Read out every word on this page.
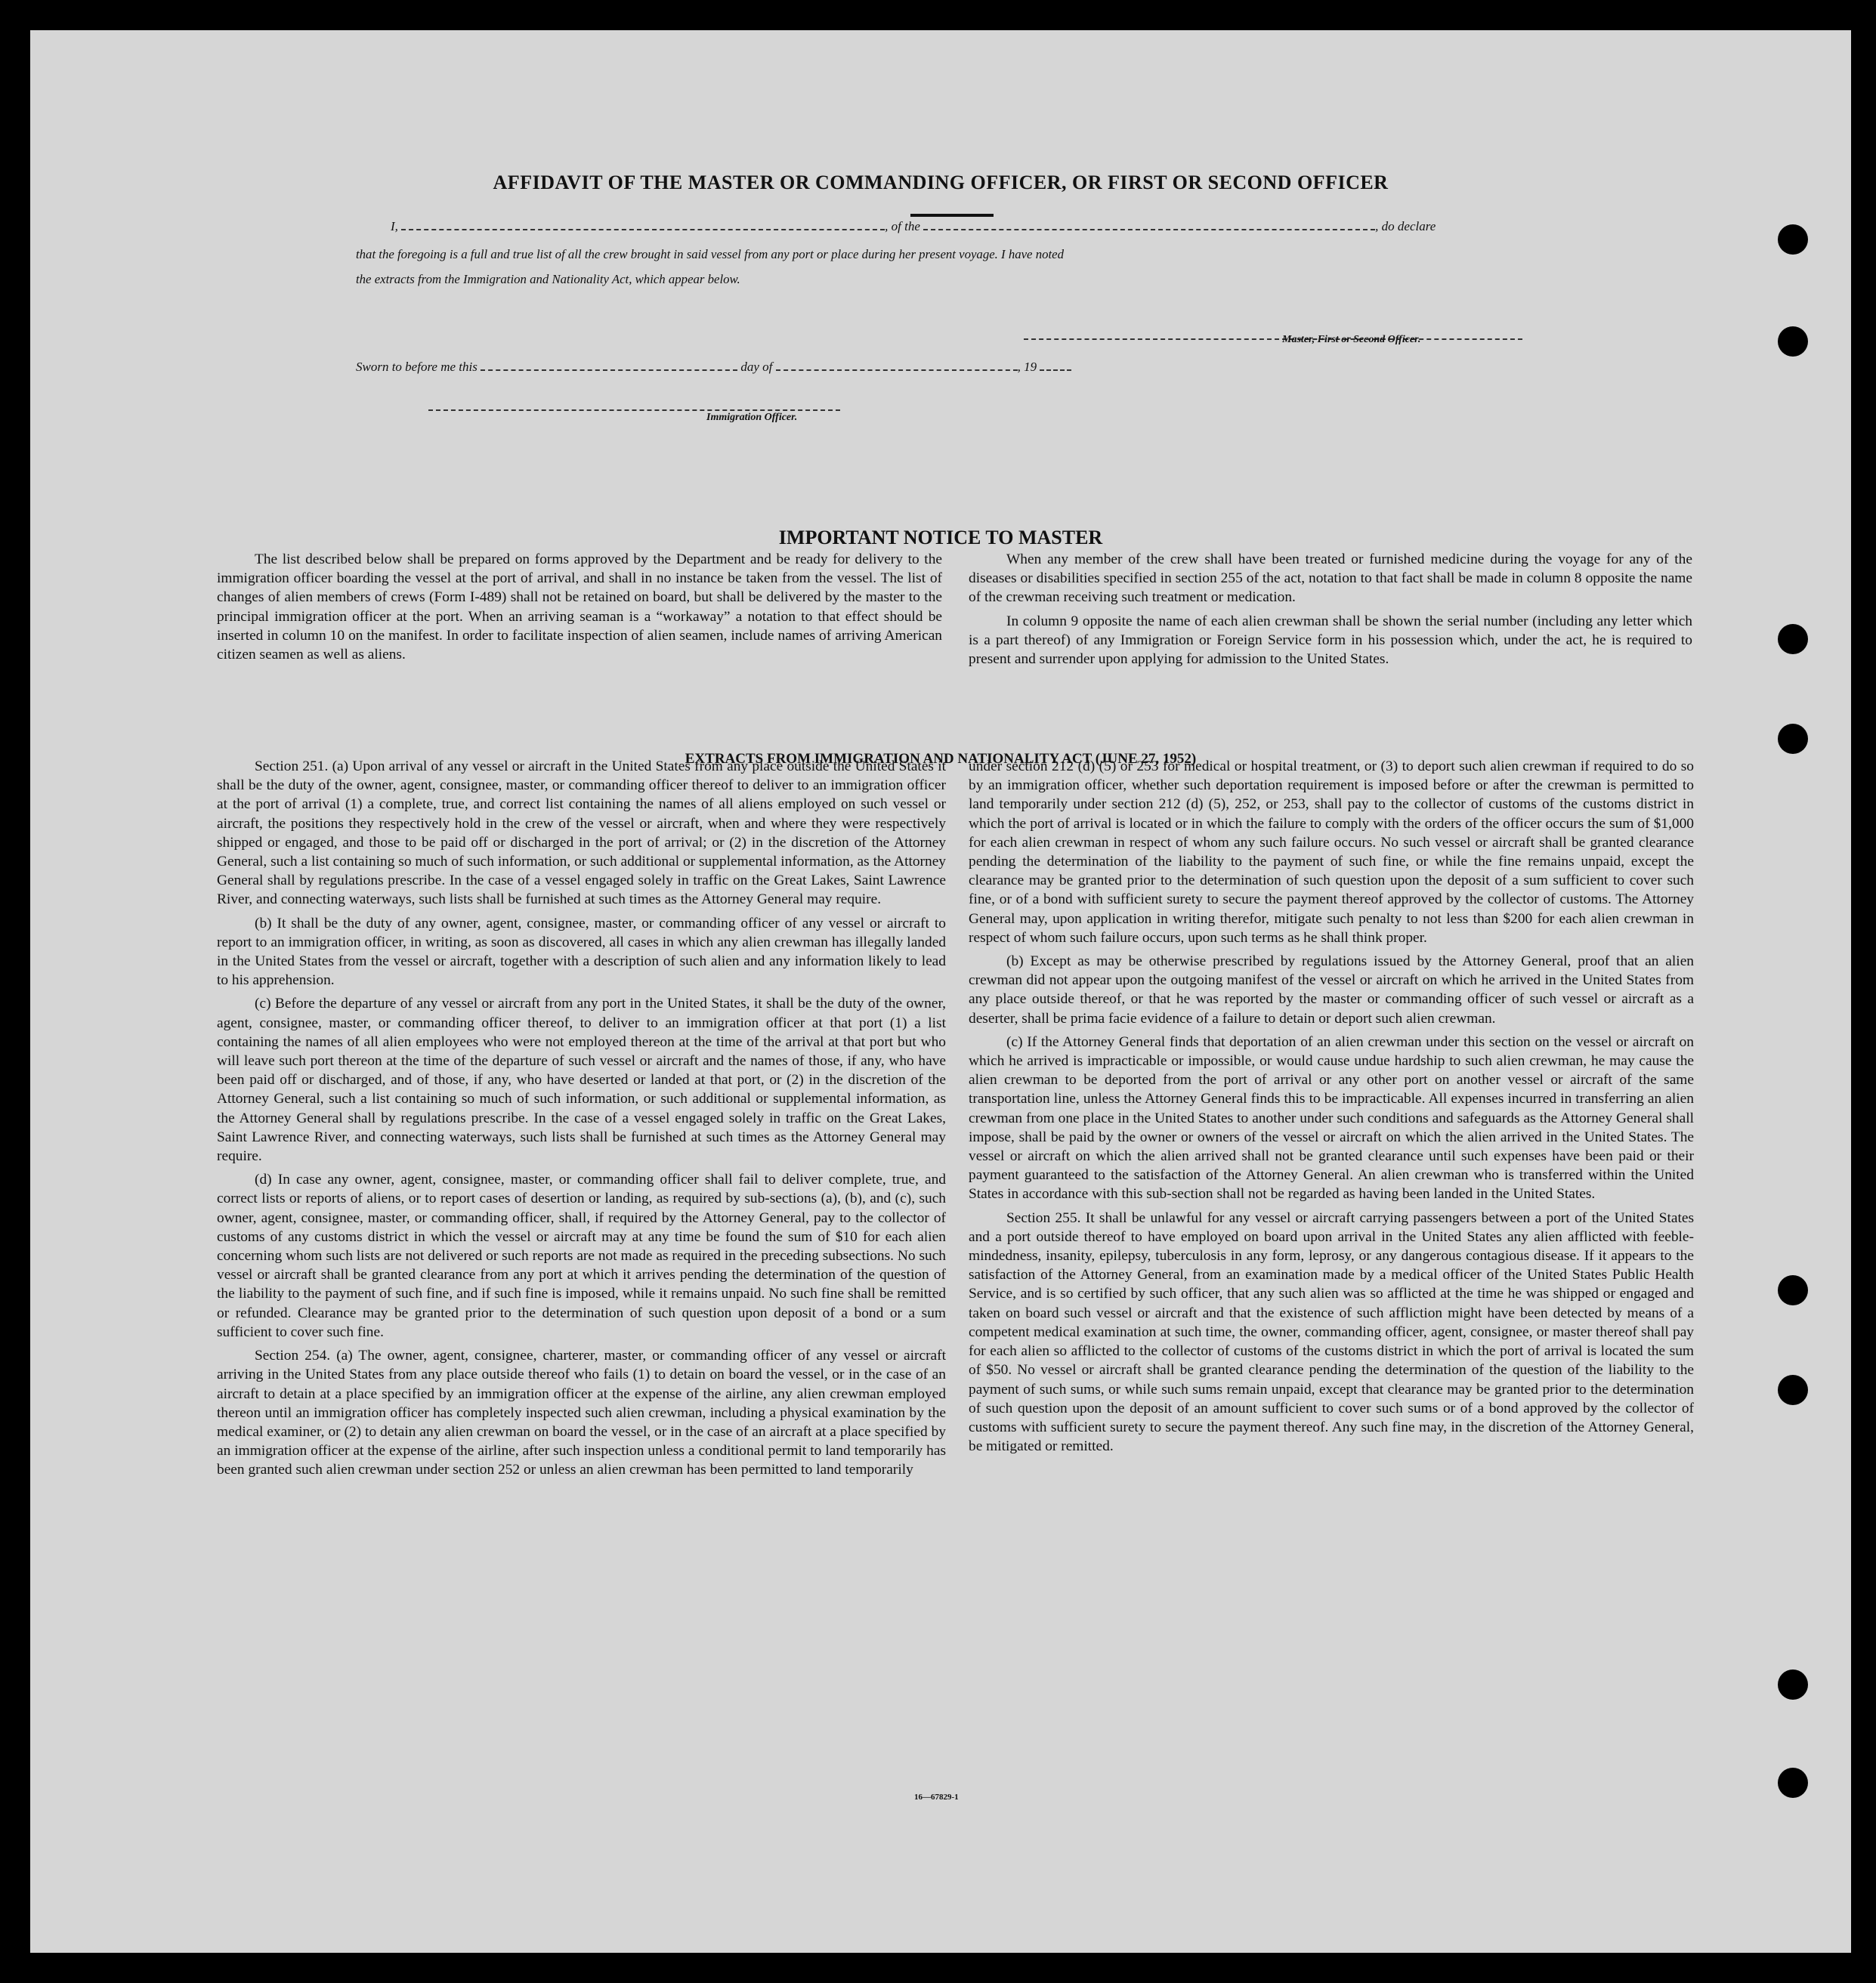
AFFIDAVIT OF THE MASTER OR COMMANDING OFFICER, OR FIRST OR SECOND OFFICER
I,	, of the	, do declare
that the foregoing is a full and true list of all the crew brought in said vessel from any port or place during her present voyage. I have noted
the extracts from the Immigration and Nationality Act, which appear below.
Master, First or Second Officer.
Sworn to before me this	day of	, 19
Immigration Officer.
IMPORTANT NOTICE TO MASTER

The list described below shall be prepared on forms approved by the Department and be ready for delivery to the immigration officer boarding the vessel at the port of arrival, and shall in no instance be taken from the vessel. The list of changes of alien members of crews (Form I-489) shall not be retained on board, but shall be delivered by the master to the principal immigration officer at the port. When an arriving seaman is a “workaway” a notation to that effect should be inserted in column 10 on the manifest. In order to facilitate inspection of alien seamen, include names of arriving American citizen seamen as well as aliens.

When any member of the crew shall have been treated or furnished medicine during the voyage for any of the diseases or disabilities specified in section 255 of the act, notation to that fact shall be made in column 8 opposite the name of the crewman receiving such treatment or medication.

In column 9 opposite the name of each alien crewman shall be shown the serial number (including any letter which is a part thereof) of any Immigration or Foreign Service form in his possession which, under the act, he is required to present and surrender upon applying for admission to the United States.

EXTRACTS FROM IMMIGRATION AND NATIONALITY ACT (JUNE 27, 1952)

Section 251. (a) Upon arrival of any vessel or aircraft in the United States from any place outside the United States it shall be the duty of the owner, agent, consignee, master, or commanding officer thereof to deliver to an immigration officer at the port of arrival (1) a complete, true, and correct list containing the names of all aliens employed on such vessel or aircraft, the positions they respectively hold in the crew of the vessel or aircraft, when and where they were respectively shipped or engaged, and those to be paid off or discharged in the port of arrival; or (2) in the discretion of the Attorney General, such a list containing so much of such information, or such additional or supplemental information, as the Attorney General shall by regulations prescribe. In the case of a vessel engaged solely in traffic on the Great Lakes, Saint Lawrence River, and connecting waterways, such lists shall be furnished at such times as the Attorney General may require.

(b) It shall be the duty of any owner, agent, consignee, master, or commanding officer of any vessel or aircraft to report to an immigration officer, in writing, as soon as discovered, all cases in which any alien crewman has illegally landed in the United States from the vessel or aircraft, together with a description of such alien and any information likely to lead to his apprehension.

(c) Before the departure of any vessel or aircraft from any port in the United States, it shall be the duty of the owner, agent, consignee, master, or commanding officer thereof, to deliver to an immigration officer at that port (1) a list containing the names of all alien employees who were not employed thereon at the time of the arrival at that port but who will leave such port thereon at the time of the departure of such vessel or aircraft and the names of those, if any, who have been paid off or discharged, and of those, if any, who have deserted or landed at that port, or (2) in the discretion of the Attorney General, such a list containing so much of such information, or such additional or supplemental information, as the Attorney General shall by regulations prescribe. In the case of a vessel engaged solely in traffic on the Great Lakes, Saint Lawrence River, and connecting waterways, such lists shall be furnished at such times as the Attorney General may require.

(d) In case any owner, agent, consignee, master, or commanding officer shall fail to deliver complete, true, and correct lists or reports of aliens, or to report cases of desertion or landing, as required by sub-sections (a), (b), and (c), such owner, agent, consignee, master, or commanding officer, shall, if required by the Attorney General, pay to the collector of customs of any customs district in which the vessel or aircraft may at any time be found the sum of $10 for each alien concerning whom such lists are not delivered or such reports are not made as required in the preceding subsections. No such vessel or aircraft shall be granted clearance from any port at which it arrives pending the determination of the question of the liability to the payment of such fine, and if such fine is imposed, while it remains unpaid. No such fine shall be remitted or refunded. Clearance may be granted prior to the determination of such question upon deposit of a bond or a sum sufficient to cover such fine.

Section 254. (a) The owner, agent, consignee, charterer, master, or commanding officer of any vessel or aircraft arriving in the United States from any place outside thereof who fails (1) to detain on board the vessel, or in the case of an aircraft to detain at a place specified by an immigration officer at the expense of the airline, any alien crewman employed thereon until an immigration officer has completely inspected such alien crewman, including a physical examination by the medical examiner, or (2) to detain any alien crewman on board the vessel, or in the case of an aircraft at a place specified by an immigration officer at the expense of the airline, after such inspection unless a conditional permit to land temporarily has been granted such alien crewman under section 252 or unless an alien crewman has been permitted to land temporarily

under section 212 (d) (5) or 253 for medical or hospital treatment, or (3) to deport such alien crewman if required to do so by an immigration officer, whether such deportation requirement is imposed before or after the crewman is permitted to land temporarily under section 212 (d) (5), 252, or 253, shall pay to the collector of customs of the customs district in which the port of arrival is located or in which the failure to comply with the orders of the officer occurs the sum of $1,000 for each alien crewman in respect of whom any such failure occurs. No such vessel or aircraft shall be granted clearance pending the determination of the liability to the payment of such fine, or while the fine remains unpaid, except the clearance may be granted prior to the determination of such question upon the deposit of a sum sufficient to cover such fine, or of a bond with sufficient surety to secure the payment thereof approved by the collector of customs. The Attorney General may, upon application in writing therefor, mitigate such penalty to not less than $200 for each alien crewman in respect of whom such failure occurs, upon such terms as he shall think proper.

(b) Except as may be otherwise prescribed by regulations issued by the Attorney General, proof that an alien crewman did not appear upon the outgoing manifest of the vessel or aircraft on which he arrived in the United States from any place outside thereof, or that he was reported by the master or commanding officer of such vessel or aircraft as a deserter, shall be prima facie evidence of a failure to detain or deport such alien crewman.

(c) If the Attorney General finds that deportation of an alien crewman under this section on the vessel or aircraft on which he arrived is impracticable or impossible, or would cause undue hardship to such alien crewman, he may cause the alien crewman to be deported from the port of arrival or any other port on another vessel or aircraft of the same transportation line, unless the Attorney General finds this to be impracticable. All expenses incurred in transferring an alien crewman from one place in the United States to another under such conditions and safeguards as the Attorney General shall impose, shall be paid by the owner or owners of the vessel or aircraft on which the alien arrived in the United States. The vessel or aircraft on which the alien arrived shall not be granted clearance until such expenses have been paid or their payment guaranteed to the satisfaction of the Attorney General. An alien crewman who is transferred within the United States in accordance with this sub-section shall not be regarded as having been landed in the United States.

Section 255. It shall be unlawful for any vessel or aircraft carrying passengers between a port of the United States and a port outside thereof to have employed on board upon arrival in the United States any alien afflicted with feeble-mindedness, insanity, epilepsy, tuberculosis in any form, leprosy, or any dangerous contagious disease. If it appears to the satisfaction of the Attorney General, from an examination made by a medical officer of the United States Public Health Service, and is so certified by such officer, that any such alien was so afflicted at the time he was shipped or engaged and taken on board such vessel or aircraft and that the existence of such affliction might have been detected by means of a competent medical examination at such time, the owner, commanding officer, agent, consignee, or master thereof shall pay for each alien so afflicted to the collector of customs of the customs district in which the port of arrival is located the sum of $50. No vessel or aircraft shall be granted clearance pending the determination of the question of the liability to the payment of such sums, or while such sums remain unpaid, except that clearance may be granted prior to the determination of such question upon the deposit of an amount sufficient to cover such sums or of a bond approved by the collector of customs with sufficient surety to secure the payment thereof. Any such fine may, in the discretion of the Attorney General, be mitigated or remitted.

16—67829-1
